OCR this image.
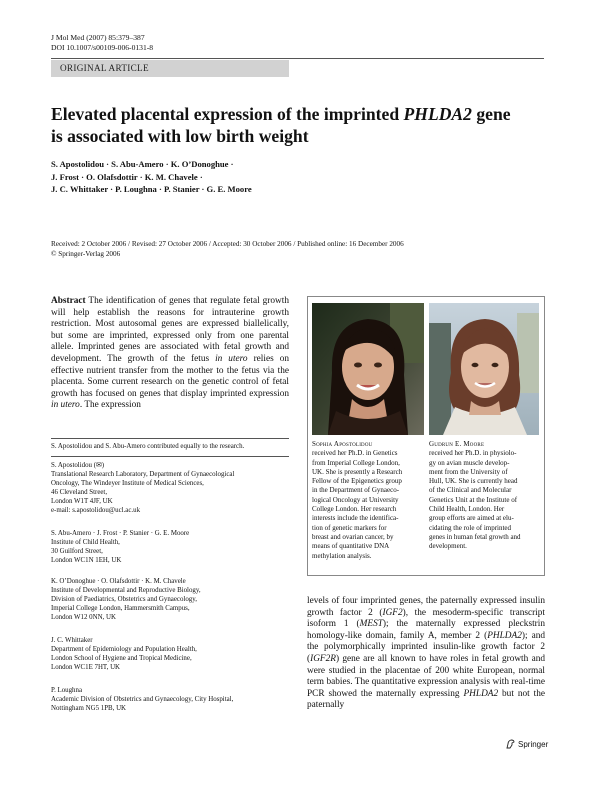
J Mol Med (2007) 85:379–387
DOI 10.1007/s00109-006-0131-8
ORIGINAL ARTICLE
Elevated placental expression of the imprinted PHLDA2 gene
is associated with low birth weight
S. Apostolidou · S. Abu-Amero · K. O’Donoghue ·
J. Frost · O. Olafsdottir · K. M. Chavele ·
J. C. Whittaker · P. Loughna · P. Stanier · G. E. Moore
Received: 2 October 2006 / Revised: 27 October 2006 / Accepted: 30 October 2006 / Published online: 16 December 2006
© Springer-Verlag 2006
Abstract The identification of genes that regulate fetal growth will help establish the reasons for intrauterine growth restriction. Most autosomal genes are expressed biallelically, but some are imprinted, expressed only from one parental allele. Imprinted genes are associated with fetal growth and development. The growth of the fetus in utero relies on effective nutrient transfer from the mother to the fetus via the placenta. Some current research on the genetic control of fetal growth has focused on genes that display imprinted expression in utero. The expression
S. Apostolidou and S. Abu-Amero contributed equally to the research.
S. Apostolidou (✉)
Translational Research Laboratory, Department of Gynaecological
Oncology, The Windeyer Institute of Medical Sciences,
46 Cleveland Street,
London W1T 4JF, UK
e-mail: s.apostolidou@ucl.ac.uk
S. Abu-Amero · J. Frost · P. Stanier · G. E. Moore
Institute of Child Health,
30 Guilford Street,
London WC1N 1EH, UK
K. O’Donoghue · O. Olafsdottir · K. M. Chavele
Institute of Developmental and Reproductive Biology,
Division of Paediatrics, Obstetrics and Gynaecology,
Imperial College London, Hammersmith Campus,
London W12 0NN, UK
J. C. Whittaker
Department of Epidemiology and Population Health,
London School of Hygiene and Tropical Medicine,
London WC1E 7HT, UK
P. Loughna
Academic Division of Obstetrics and Gynaecology, City Hospital,
Nottingham NG5 1PB, UK
Sophia Apostolidou
received her Ph.D. in Genetics
from Imperial College London,
UK. She is presently a Research
Fellow of the Epigenetics group
in the Department of Gynaeco-
logical Oncology at University
College London. Her research
interests include the identifica-
tion of genetic markers for
breast and ovarian cancer, by
means of quantitative DNA
methylation analysis.
Gudrun E. Moore
received her Ph.D. in physiolo-
gy on avian muscle develop-
ment from the University of
Hull, UK. She is currently head
of the Clinical and Molecular
Genetics Unit at the Institute of
Child Health, London. Her
group efforts are aimed at elu-
cidating the role of imprinted
genes in human fetal growth and
development.
levels of four imprinted genes, the paternally expressed insulin growth factor 2 (IGF2), the mesoderm-specific transcript isoform 1 (MEST); the maternally expressed pleckstrin homology-like domain, family A, member 2 (PHLDA2); and the polymorphically imprinted insulin-like growth factor 2 (IGF2R) gene are all known to have roles in fetal growth and were studied in the placentae of 200 white European, normal term babies. The quantitative expression analysis with real-time PCR showed the maternally expressing PHLDA2 but not the paternally
Springer
